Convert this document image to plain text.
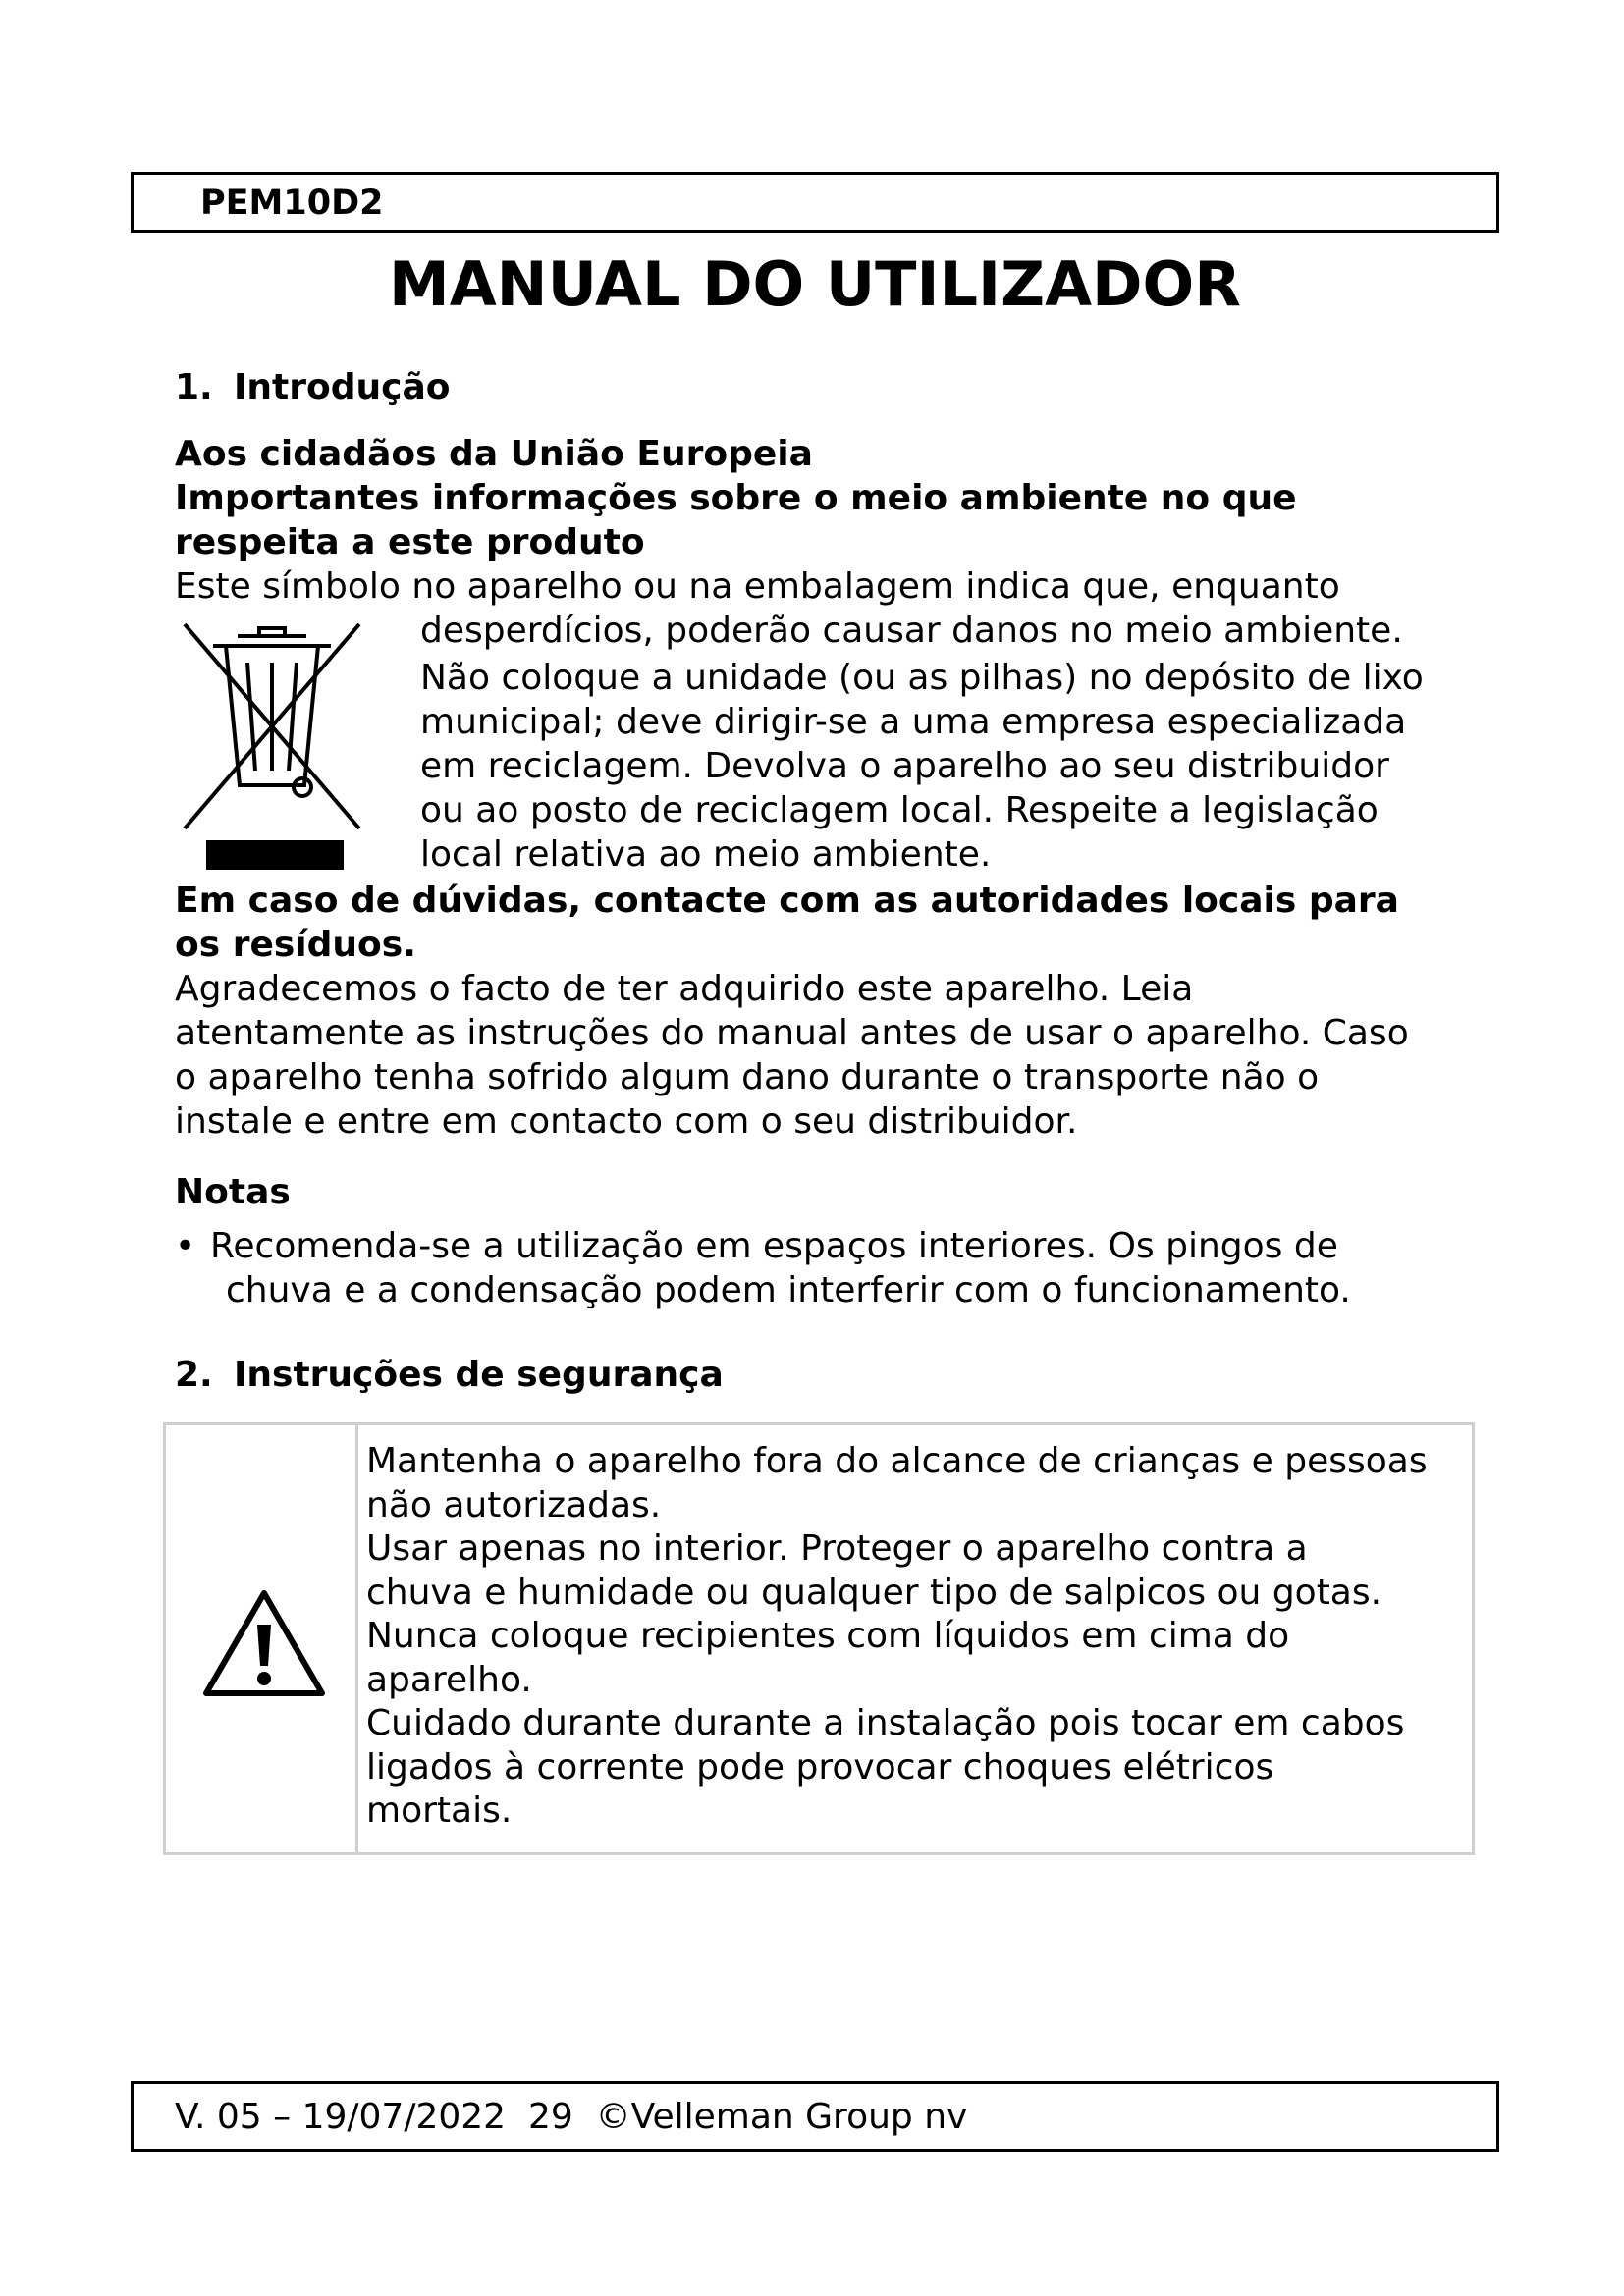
PEM10D2
MANUAL DO UTILIZADOR
1. Introdução
Aos cidadãos da União Europeia
Importantes informações sobre o meio ambiente no que
respeita a este produto
Este símbolo no aparelho ou na embalagem indica que, enquanto
desperdícios, poderão causar danos no meio ambiente.
Não coloque a unidade (ou as pilhas) no depósito de lixo
municipal; deve dirigir-se a uma empresa especializada
em reciclagem. Devolva o aparelho ao seu distribuidor
ou ao posto de reciclagem local. Respeite a legislação
local relativa ao meio ambiente.
Em caso de dúvidas, contacte com as autoridades locais para
os resíduos.
Agradecemos o facto de ter adquirido este aparelho. Leia
atentamente as instruções do manual antes de usar o aparelho. Caso
o aparelho tenha sofrido algum dano durante o transporte não o
instale e entre em contacto com o seu distribuidor.
Notas
• Recomenda-se a utilização em espaços interiores. Os pingos de
chuva e a condensação podem interferir com o funcionamento.
2. Instruções de segurança
Mantenha o aparelho fora do alcance de crianças e pessoas
não autorizadas.
Usar apenas no interior. Proteger o aparelho contra a
chuva e humidade ou qualquer tipo de salpicos ou gotas.
Nunca coloque recipientes com líquidos em cima do
aparelho.
Cuidado durante durante a instalação pois tocar em cabos
ligados à corrente pode provocar choques elétricos
mortais.
V. 05 – 19/07/2022  29  ©Velleman Group nv
